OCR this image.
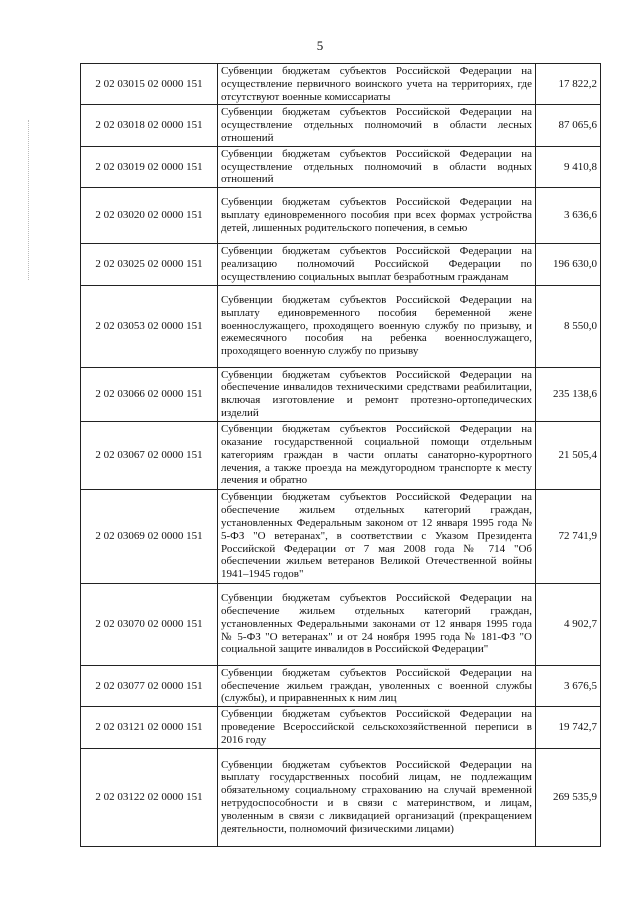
5
2 02 03015 02 0000 151	Субвенции бюджетам субъектов Российской Федерации на осуществление первичного воинского учета на территориях, где отсутствуют военные комиссариаты	17 822,2
2 02 03018 02 0000 151	Субвенции бюджетам субъектов Российской Федерации на осуществление отдельных полномочий в области лесных отношений	87 065,6
2 02 03019 02 0000 151	Субвенции бюджетам субъектов Российской Федерации на осуществление отдельных полномочий в области водных отношений	9 410,8
2 02 03020 02 0000 151	Субвенции бюджетам субъектов Российской Федерации на выплату единовременного пособия при всех формах устройства детей, лишенных родительского попечения, в семью	3 636,6
2 02 03025 02 0000 151	Субвенции бюджетам субъектов Российской Федерации на реализацию полномочий Российской Федерации по осуществлению социальных выплат безработным гражданам	196 630,0
2 02 03053 02 0000 151	Субвенции бюджетам субъектов Российской Федерации на выплату единовременного пособия беременной жене военнослужащего, проходящего военную службу по призыву, и ежемесячного пособия на ребенка военнослужащего, проходящего военную службу по призыву	8 550,0
2 02 03066 02 0000 151	Субвенции бюджетам субъектов Российской Федерации на обеспечение инвалидов техническими средствами реабилитации, включая изготовление и ремонт протезно-ортопедических изделий	235 138,6
2 02 03067 02 0000 151	Субвенции бюджетам субъектов Российской Федерации на оказание государственной социальной помощи отдельным категориям граждан в части оплаты санаторно-курортного лечения, а также проезда на междугородном транспорте к месту лечения и обратно	21 505,4
2 02 03069 02 0000 151	Субвенции бюджетам субъектов Российской Федерации на обеспечение жильем отдельных категорий граждан, установленных Федеральным законом от 12 января 1995 года № 5-ФЗ "О ветеранах", в соответствии с Указом Президента Российской Федерации от 7 мая 2008 года № 714 "Об обеспечении жильем ветеранов Великой Отечественной войны 1941–1945 годов"	72 741,9
2 02 03070 02 0000 151	Субвенции бюджетам субъектов Российской Федерации на обеспечение жильем отдельных категорий граждан, установленных Федеральными законами от 12 января 1995 года № 5-ФЗ "О ветеранах" и от 24 ноября 1995 года № 181-ФЗ "О социальной защите инвалидов в Российской Федерации"	4 902,7
2 02 03077 02 0000 151	Субвенции бюджетам субъектов Российской Федерации на обеспечение жильем граждан, уволенных с военной службы (службы), и приравненных к ним лиц	3 676,5
2 02 03121 02 0000 151	Субвенции бюджетам субъектов Российской Федерации на проведение Всероссийской сельскохозяйственной переписи в 2016 году	19 742,7
2 02 03122 02 0000 151	Субвенции бюджетам субъектов Российской Федерации на выплату государственных пособий лицам, не подлежащим обязательному социальному страхованию на случай временной нетрудоспособности и в связи с материнством, и лицам, уволенным в связи с ликвидацией организаций (прекращением деятельности, полномочий физическими лицами)	269 535,9
